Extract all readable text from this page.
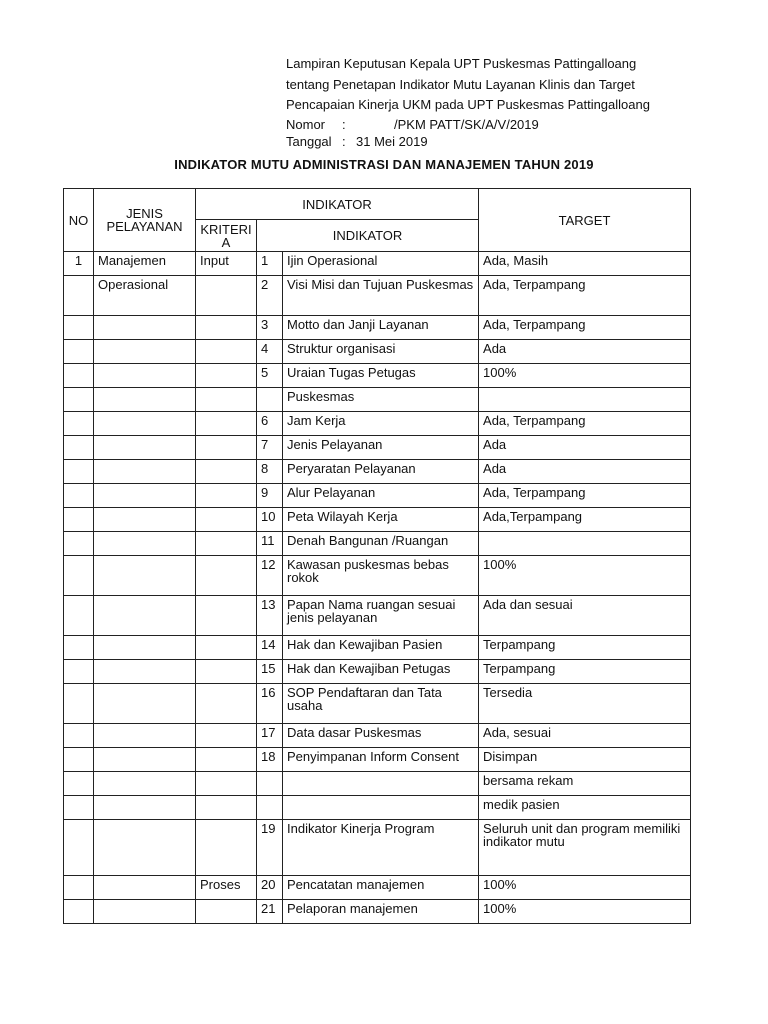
Lampiran Keputusan Kepala UPT Puskesmas Pattingalloang
tentang Penetapan Indikator Mutu Layanan Klinis dan Target
Pencapaian Kinerja UKM pada UPT Puskesmas Pattingalloang
Nomor	:	/PKM PATT/SK/A/V/2019
Tanggal : 31 Mei 2019
INDIKATOR MUTU ADMINISTRASI DAN MANAJEMEN TAHUN 2019
NO	JENIS PELAYANAN	INDIKATOR			TARGET
		KRITERI A	INDIKATOR		
1	Manajemen	Input	1	Ijin Operasional	Ada, Masih
	Operasional		2	Visi Misi dan Tujuan Puskesmas	Ada, Terpampang
			3	Motto dan Janji Layanan	Ada, Terpampang
			4	Struktur organisasi	Ada
			5	Uraian Tugas Petugas	100%
				Puskesmas	
			6	Jam Kerja	Ada, Terpampang
			7	Jenis Pelayanan	Ada
			8	Peryaratan Pelayanan	Ada
			9	Alur Pelayanan	Ada, Terpampang
			10	Peta Wilayah Kerja	Ada,Terpampang
			11	Denah Bangunan /Ruangan	
			12	Kawasan puskesmas bebas rokok	100%
			13	Papan Nama ruangan sesuai jenis pelayanan	Ada dan sesuai
			14	Hak dan Kewajiban Pasien	Terpampang
			15	Hak dan Kewajiban Petugas	Terpampang
			16	SOP Pendaftaran dan Tata usaha	Tersedia
			17	Data dasar Puskesmas	Ada, sesuai
			18	Penyimpanan Inform Consent	Disimpan
					bersama rekam
					medik pasien
			19	Indikator Kinerja Program	Seluruh unit dan program memiliki indikator mutu
		Proses	20	Pencatatan manajemen	100%
			21	Pelaporan manajemen	100%
